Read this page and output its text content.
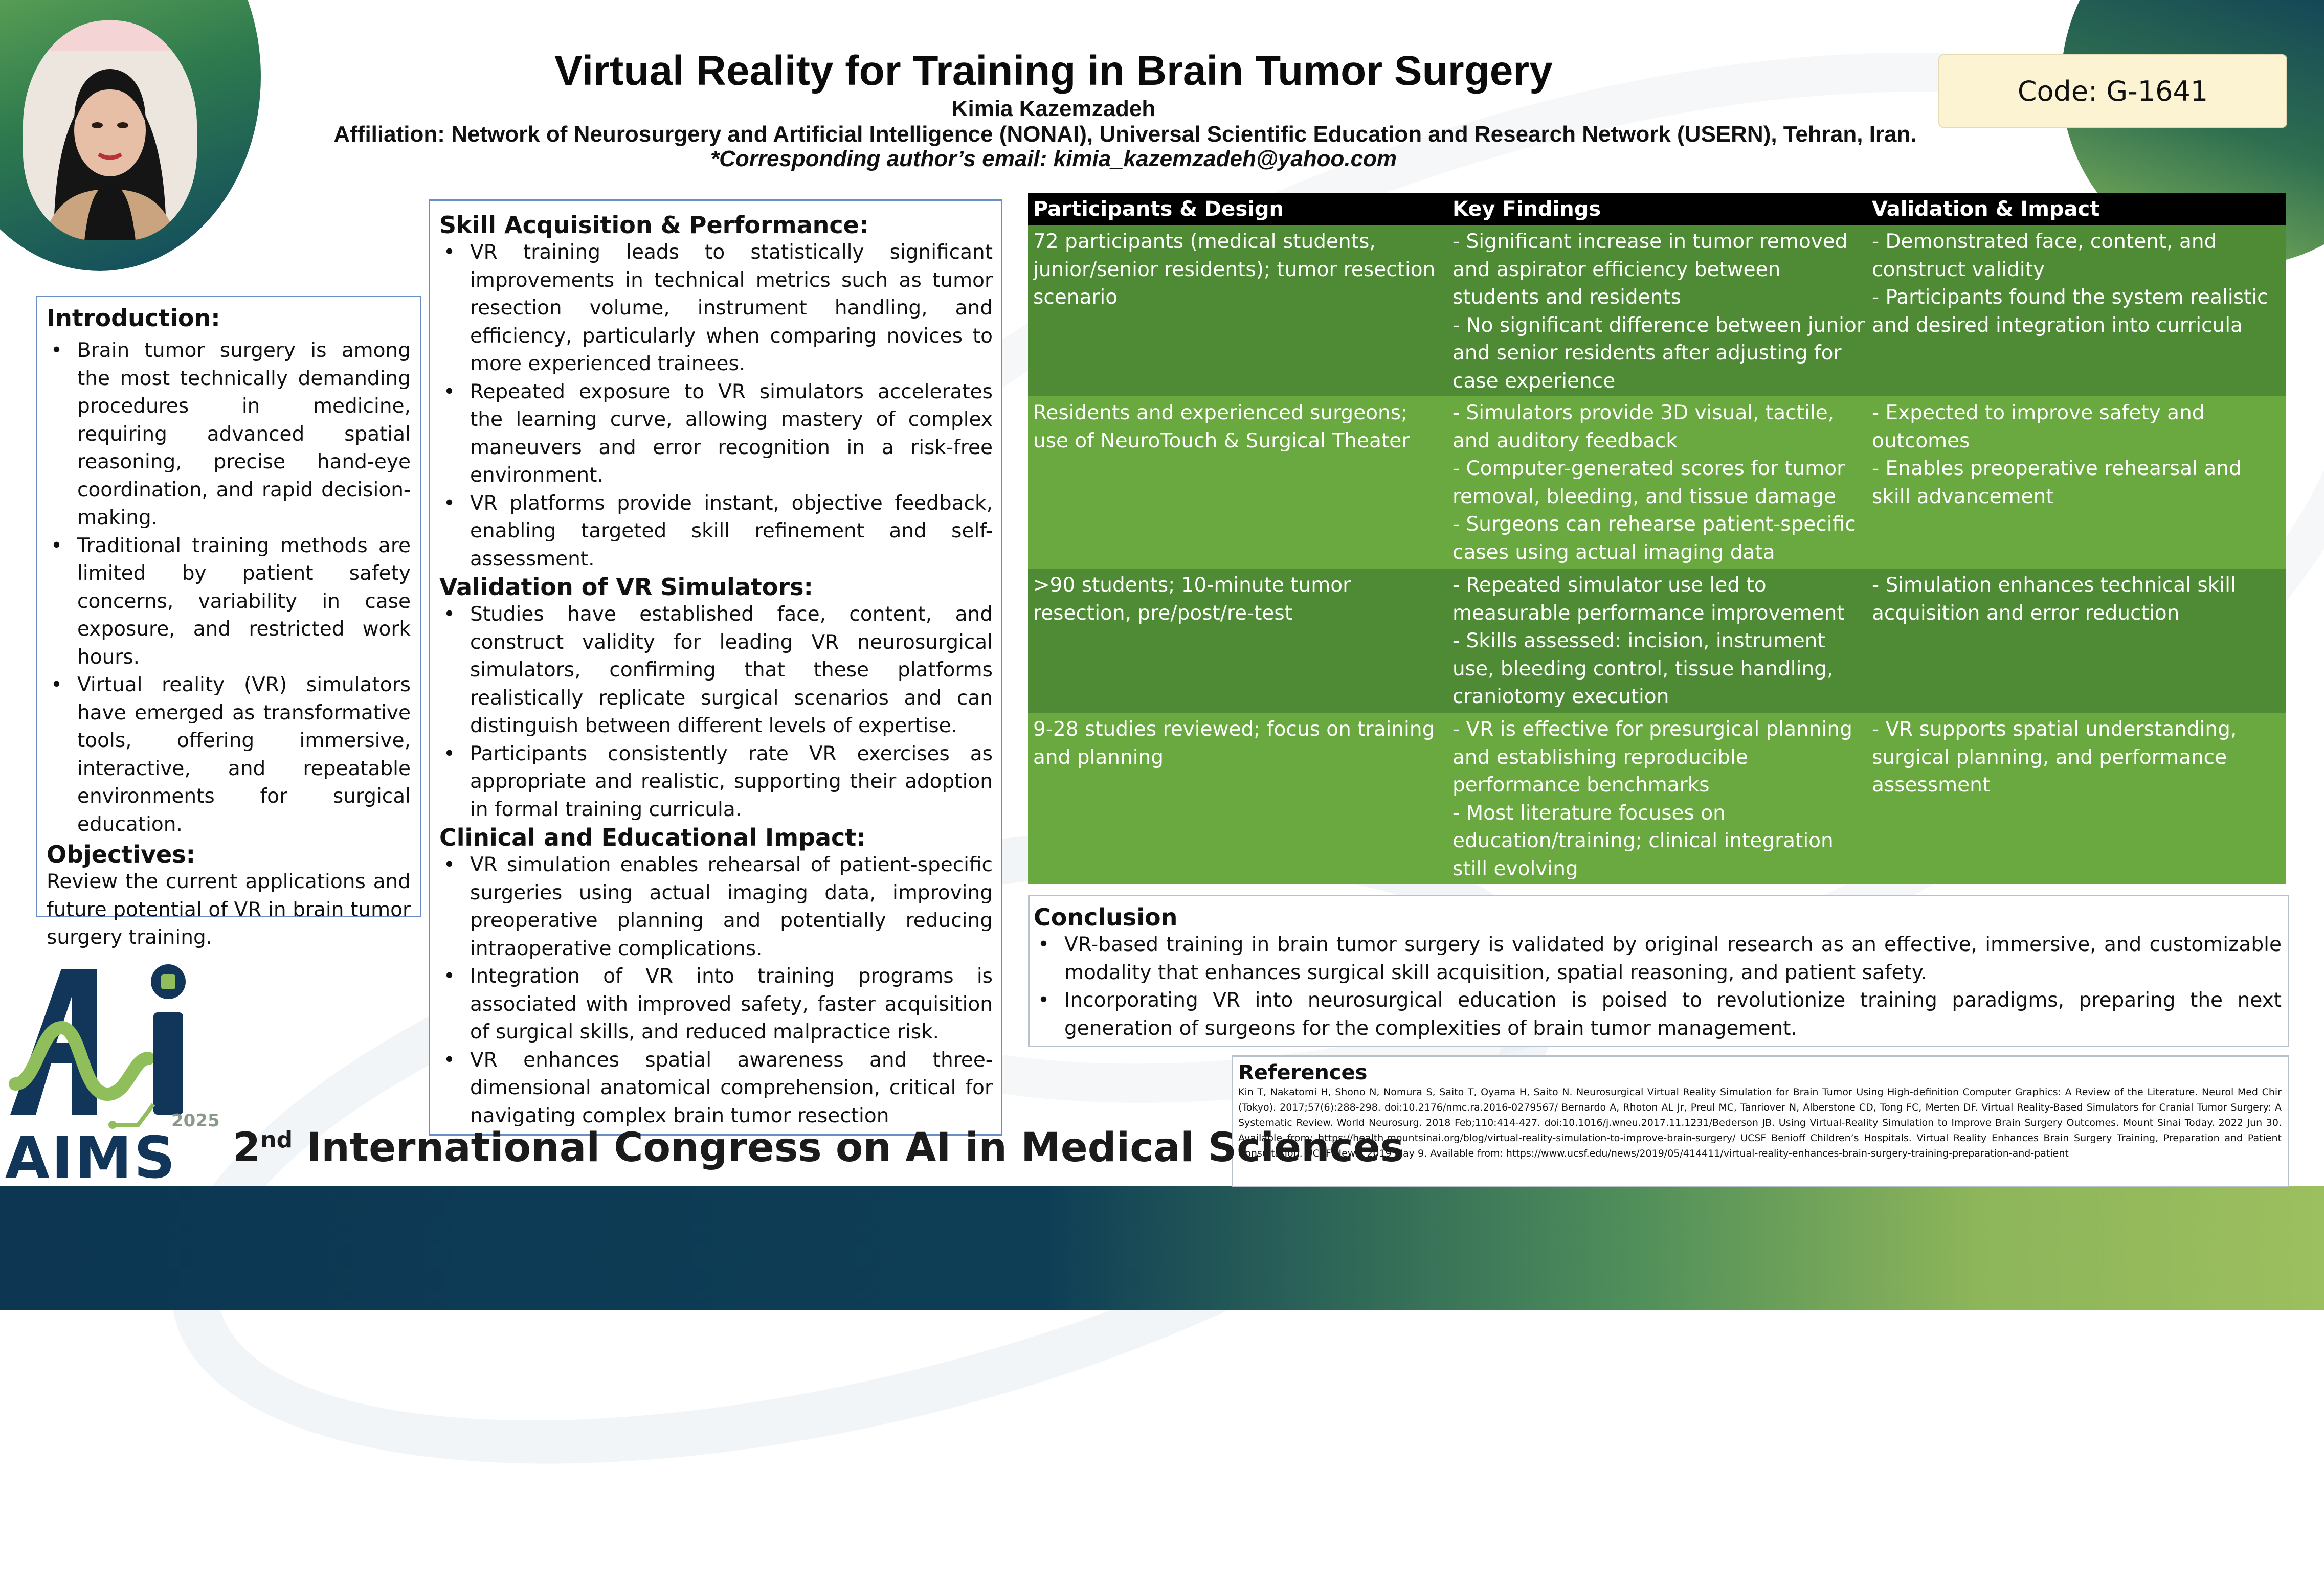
Virtual Reality for Training in Brain Tumor Surgery
Kimia Kazemzadeh
Affiliation: Network of Neurosurgery and Artificial Intelligence (NONAI), Universal Scientific Education and Research Network (USERN), Tehran, Iran.
*Corresponding author’s email: kimia_kazemzadeh@yahoo.com
Code: G-1641

Introduction:

• Brain tumor surgery is among the most technically demanding procedures in medicine, requiring advanced spatial reasoning, precise hand-eye coordination, and rapid decision-making.
• Traditional training methods are limited by patient safety concerns, variability in case exposure, and restricted work hours.
• Virtual reality (VR) simulators have emerged as transformative tools, offering immersive, interactive, and repeatable environments for surgical education.

Objectives:

Review the current applications and future potential of VR in brain tumor surgery training.

Skill Acquisition & Performance:

• VR training leads to statistically significant improvements in technical metrics such as tumor resection volume, instrument handling, and efficiency, particularly when comparing novices to more experienced trainees.
• Repeated exposure to VR simulators accelerates the learning curve, allowing mastery of complex maneuvers and error recognition in a risk-free environment.
• VR platforms provide instant, objective feedback, enabling targeted skill refinement and self-assessment.

Validation of VR Simulators:

• Studies have established face, content, and construct validity for leading VR neurosurgical simulators, confirming that these platforms realistically replicate surgical scenarios and can distinguish between different levels of expertise.
• Participants consistently rate VR exercises as appropriate and realistic, supporting their adoption in formal training curricula.

Clinical and Educational Impact:

• VR simulation enables rehearsal of patient-specific surgeries using actual imaging data, improving preoperative planning and potentially reducing intraoperative complications.
• Integration of VR into training programs is associated with improved safety, faster acquisition of surgical skills, and reduced malpractice risk.
• VR enhances spatial awareness and three-dimensional anatomical comprehension, critical for navigating complex brain tumor resection
Participants & Design	Key Findings	Validation & Impact
72 participants (medical students, junior/senior residents); tumor resection scenario
- Significant increase in tumor removed and aspirator efficiency between students and residents
- No significant difference between junior and senior residents after adjusting for case experience
- Demonstrated face, content, and construct validity
- Participants found the system realistic and desired integration into curricula
Residents and experienced surgeons; use of NeuroTouch & Surgical Theater
- Simulators provide 3D visual, tactile, and auditory feedback
- Computer-generated scores for tumor removal, bleeding, and tissue damage
- Surgeons can rehearse patient-specific cases using actual imaging data
- Expected to improve safety and outcomes
- Enables preoperative rehearsal and skill advancement
>90 students; 10-minute tumor resection, pre/post/re-test
- Repeated simulator use led to measurable performance improvement
- Skills assessed: incision, instrument use, bleeding control, tissue handling, craniotomy execution
- Simulation enhances technical skill acquisition and error reduction
9-28 studies reviewed; focus on training and planning
- VR is effective for presurgical planning and establishing reproducible performance benchmarks
- Most literature focuses on education/training; clinical integration still evolving
- VR supports spatial understanding, surgical planning, and performance assessment

Conclusion

• VR-based training in brain tumor surgery is validated by original research as an effective, immersive, and customizable modality that enhances surgical skill acquisition, spatial reasoning, and patient safety.
• Incorporating VR into neurosurgical education is poised to revolutionize training paradigms, preparing the next generation of surgeons for the complexities of brain tumor management.
References
Kin T, Nakatomi H, Shono N, Nomura S, Saito T, Oyama H, Saito N. Neurosurgical Virtual Reality Simulation for Brain Tumor Using High-definition Computer Graphics: A Review of the Literature. Neurol Med Chir (Tokyo). 2017;57(6):288-298. doi:10.2176/nmc.ra.2016-0279567/ Bernardo A, Rhoton AL Jr, Preul MC, Tanriover N, Alberstone CD, Tong FC, Merten DF. Virtual Reality-Based Simulators for Cranial Tumor Surgery: A Systematic Review. World Neurosurg. 2018 Feb;110:414-427. doi:10.1016/j.wneu.2017.11.1231/Bederson JB. Using Virtual-Reality Simulation to Improve Brain Surgery Outcomes. Mount Sinai Today. 2022 Jun 30. Available from: https://health.mountsinai.org/blog/virtual-reality-simulation-to-improve-brain-surgery/ UCSF Benioff Children’s Hospitals. Virtual Reality Enhances Brain Surgery Training, Preparation and Patient Consultation. UCSF News. 2019 May 9. Available from: https://www.ucsf.edu/news/2019/05/414411/virtual-reality-enhances-brain-surgery-training-preparation-and-patient
2025
AIMS 2nd International Congress on AI in Medical Sciences
